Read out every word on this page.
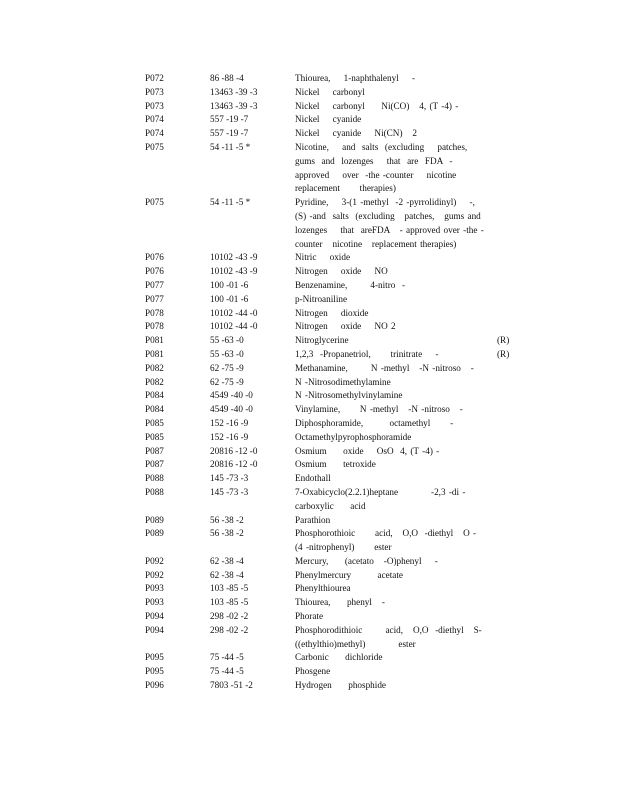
P072	86 -88 -4	Thiourea,    1-naphthalenyl    -
P073	13463 -39 -3	Nickel    carbonyl
P073	13463 -39 -3	Nickel    carbonyl     Ni(CO)   4, (T -4) -
P074	557 -19 -7	Nickel    cyanide
P074	557 -19 -7	Nickel    cyanide    Ni(CN)   2
P075	54 -11 -5 *	Nicotine,    and  salts  (excluding    patches, gums  and  lozenges    that  are  FDA  - approved    over  -the -counter    nicotine replacement      therapies)
P075	54 -11 -5 *	Pyridine,    3-(1 -methyl  -2 -pyrrolidinyl)    -, (S) -and  salts  (excluding   patches,   gums and  lozenges    that  areFDA   - approved over -the -counter   nicotine   replacement therapies)
P076	10102 -43 -9	Nitric    oxide
P076	10102 -43 -9	Nitrogen    oxide    NO
P077	100 -01 -6	Benzenamine,       4-nitro  -
P077	100 -01 -6	p-Nitroaniline
P078	10102 -44 -0	Nitrogen    dioxide
P078	10102 -44 -0	Nitrogen    oxide    NO 2
P081	55 -63 -0	Nitroglycerine	(R)
P081	55 -63 -0	1,2,3  -Propanetriol,      trinitrate    -	(R)
P082	62 -75 -9	Methanamine,       N -methyl   -N -nitroso   -
P082	62 -75 -9	N -Nitrosodimethylamine
P084	4549 -40 -0	N -Nitrosomethylvinylamine
P084	4549 -40 -0	Vinylamine,      N -methyl   -N -nitroso   -
P085	152 -16 -9	Diphosphoramide,        octamethyl      -
P085	152 -16 -9	Octamethylpyrophosphoramide
P087	20816 -12 -0	Osmium     oxide    OsO  4, (T -4) -
P087	20816 -12 -0	Osmium     tetroxide
P088	145 -73 -3	Endothall
P088	145 -73 -3	7-Oxabicyclo(2.2.1)heptane          -2,3 -di - carboxylic     acid
P089	56 -38 -2	Parathion
P089	56 -38 -2	Phosphorothioic      acid,   O,O  -diethyl   O - (4 -nitrophenyl)      ester
P092	62 -38 -4	Mercury,     (acetato   -O)phenyl    -
P092	62 -38 -4	Phenylmercury        acetate
P093	103 -85 -5	Phenylthiourea
P093	103 -85 -5	Thiourea,     phenyl   -
P094	298 -02 -2	Phorate
P094	298 -02 -2	Phosphorodithioic       acid,   O,O  -diethyl   S- ((ethylthio)methyl)          ester
P095	75 -44 -5	Carbonic     dichloride
P095	75 -44 -5	Phosgene
P096	7803 -51 -2	Hydrogen     phosphide
